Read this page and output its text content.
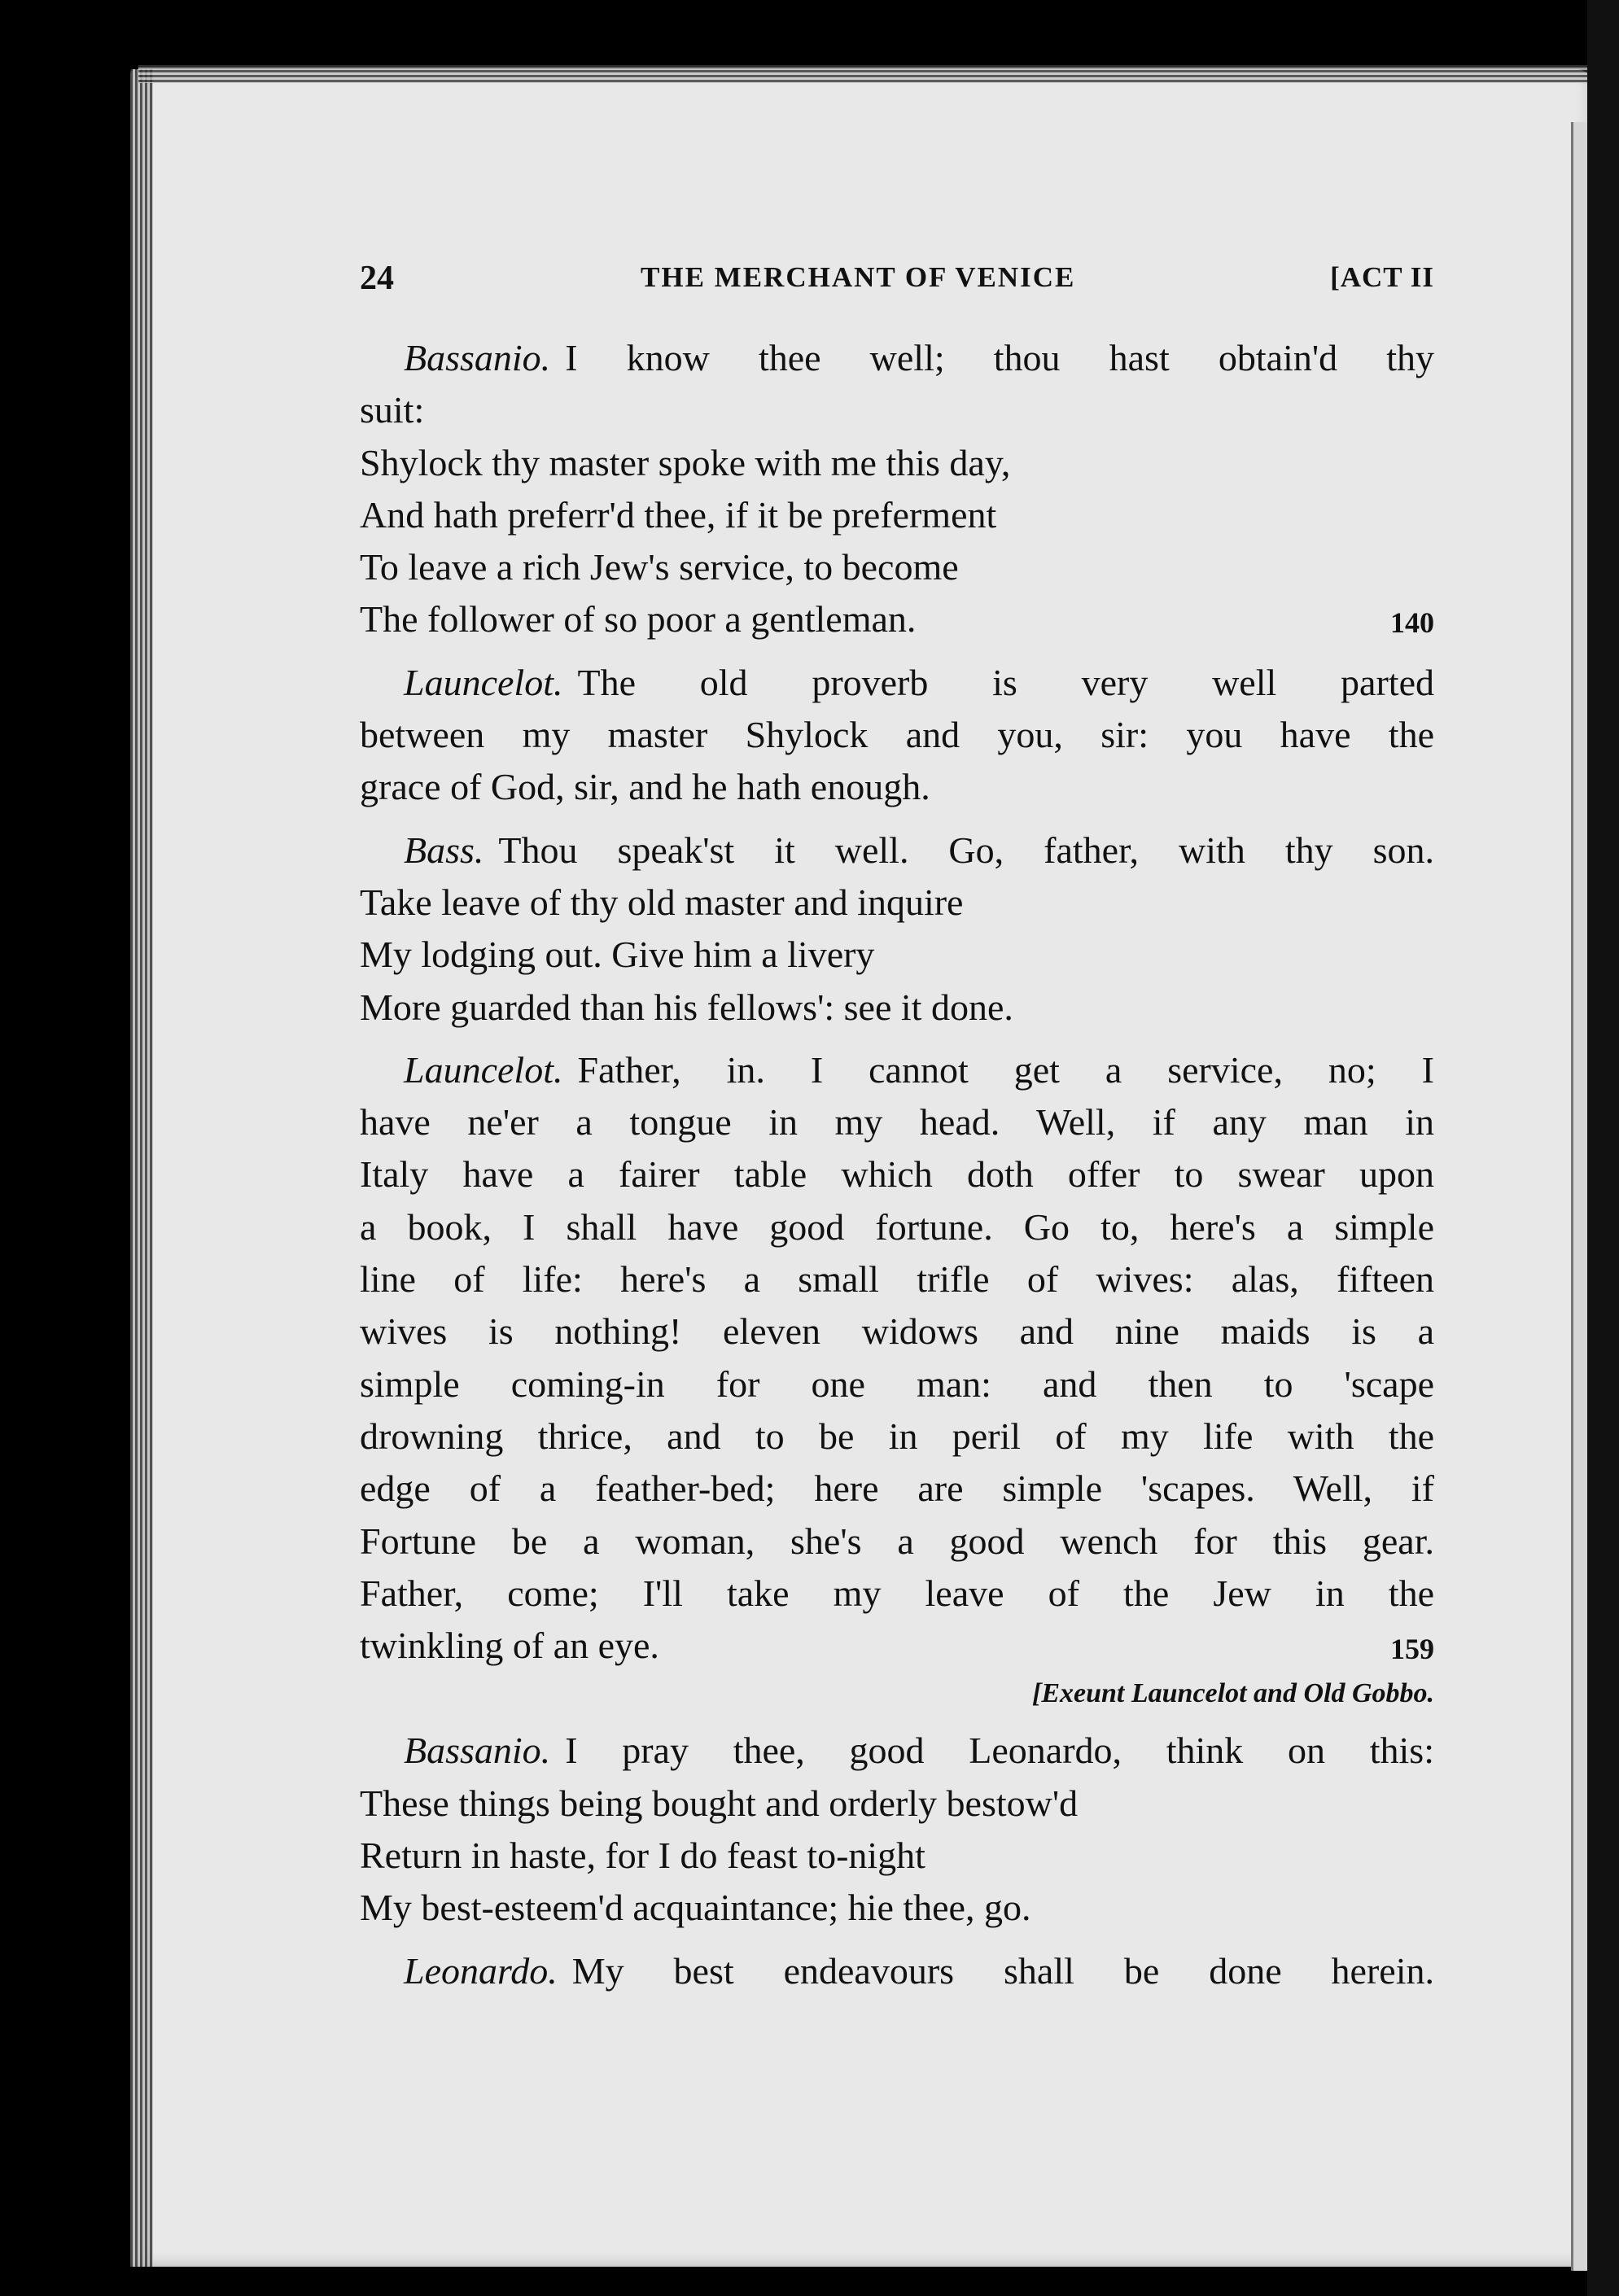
24	THE MERCHANT OF VENICE	[ACT II
Bassanio. I know thee well; thou hast obtain'd thy
suit:
Shylock thy master spoke with me this day,
And hath preferr'd thee, if it be preferment
To leave a rich Jew's service, to become
The follower of so poor a gentleman.	140
Launcelot. The old proverb is very well parted
between my master Shylock and you, sir: you have the
grace of God, sir, and he hath enough.
Bass. Thou speak'st it well. Go, father, with thy son.
Take leave of thy old master and inquire
My lodging out. Give him a livery
More guarded than his fellows': see it done.
Launcelot. Father, in. I cannot get a service, no; I
have ne'er a tongue in my head. Well, if any man in
Italy have a fairer table which doth offer to swear upon
a book, I shall have good fortune. Go to, here's a simple
line of life: here's a small trifle of wives: alas, fifteen
wives is nothing! eleven widows and nine maids is a
simple coming-in for one man: and then to 'scape
drowning thrice, and to be in peril of my life with the
edge of a feather-bed; here are simple 'scapes. Well, if
Fortune be a woman, she's a good wench for this gear.
Father, come; I'll take my leave of the Jew in the
twinkling of an eye.	159
[Exeunt Launcelot and Old Gobbo.
Bassanio. I pray thee, good Leonardo, think on this:
These things being bought and orderly bestow'd
Return in haste, for I do feast to-night
My best-esteem'd acquaintance; hie thee, go.
Leonardo. My best endeavours shall be done herein.
